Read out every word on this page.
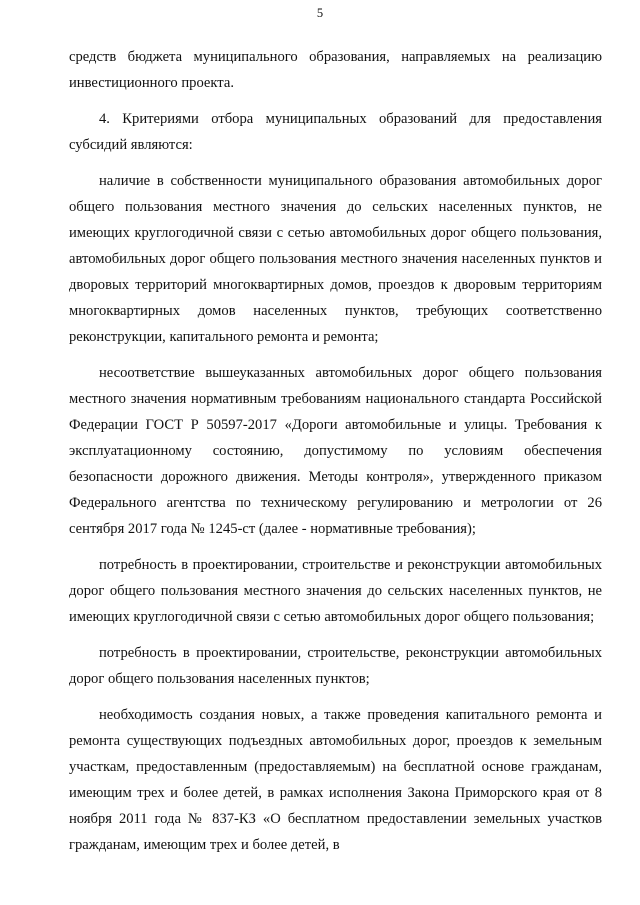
5

средств бюджета муниципального образования, направляемых на реализацию инвестиционного проекта.

4. Критериями отбора муниципальных образований для предоставления субсидий являются:

наличие в собственности муниципального образования автомобильных дорог общего пользования местного значения до сельских населенных пунктов, не имеющих круглогодичной связи с сетью автомобильных дорог общего пользования, автомобильных дорог общего пользования местного значения населенных пунктов и дворовых территорий многоквартирных домов, проездов к дворовым территориям многоквартирных домов населенных пунктов, требующих соответственно реконструкции, капитального ремонта и ремонта;

несоответствие вышеуказанных автомобильных дорог общего пользования местного значения нормативным требованиям национального стандарта Российской Федерации ГОСТ Р 50597-2017 «Дороги автомобильные и улицы. Требования к эксплуатационному состоянию, допустимому по условиям обеспечения безопасности дорожного движения. Методы контроля», утвержденного приказом Федерального агентства по техническому регулированию и метрологии от 26 сентября 2017 года № 1245-ст (далее - нормативные требования);

потребность в проектировании, строительстве и реконструкции автомобильных дорог общего пользования местного значения до сельских населенных пунктов, не имеющих круглогодичной связи с сетью автомобильных дорог общего пользования;

потребность в проектировании, строительстве, реконструкции автомобильных дорог общего пользования населенных пунктов;

необходимость создания новых, а также проведения капитального ремонта и ремонта существующих подъездных автомобильных дорог, проездов к земельным участкам, предоставленным (предоставляемым) на бесплатной основе гражданам, имеющим трех и более детей, в рамках исполнения Закона Приморского края от 8 ноября 2011 года № 837-КЗ «О бесплатном предоставлении земельных участков гражданам, имеющим трех и более детей, в
